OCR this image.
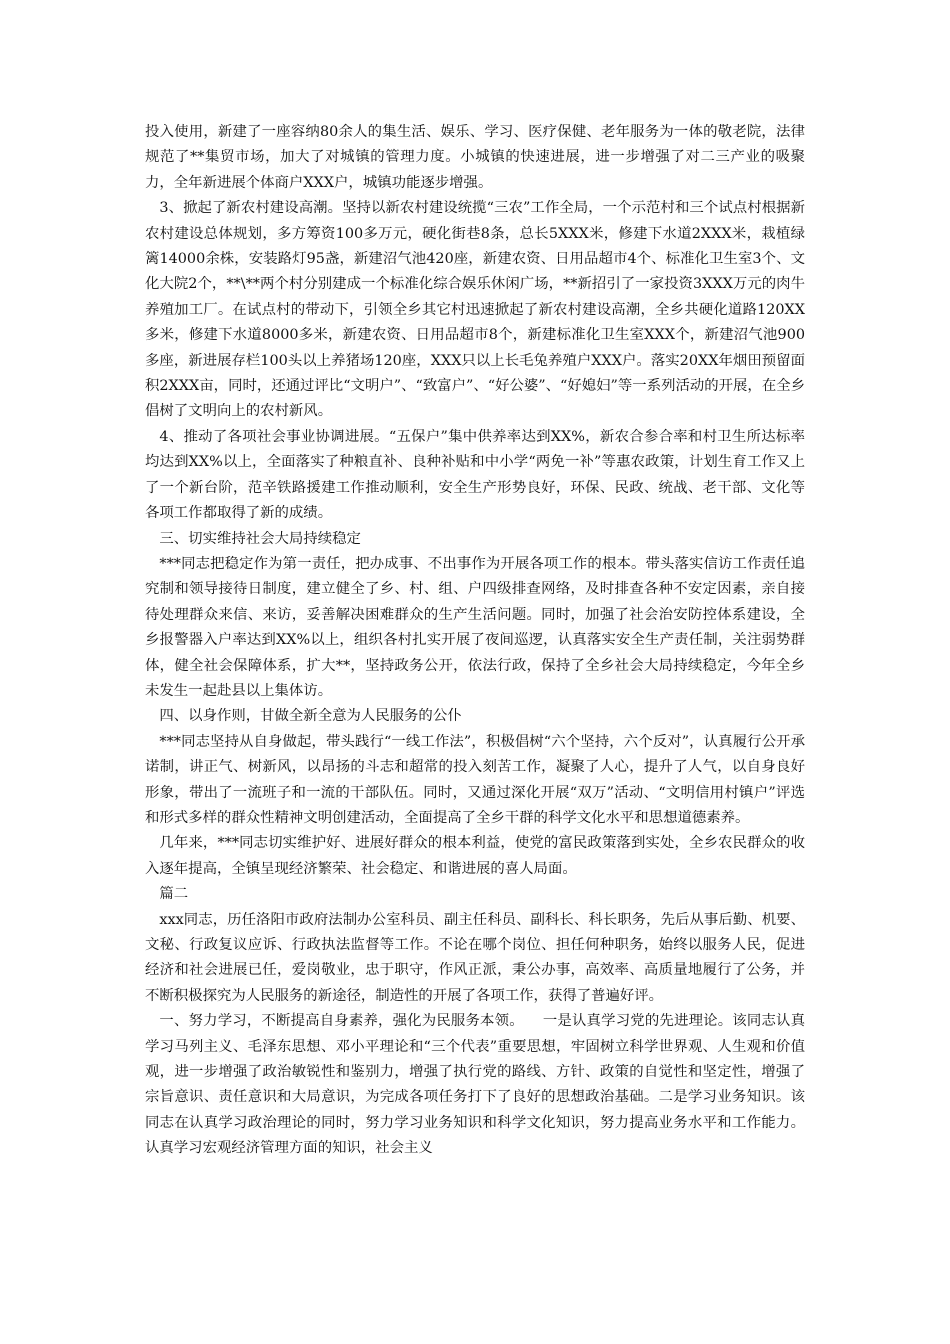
投入使用，新建了一座容纳80余人的集生活、娱乐、学习、医疗保健、老年服务为一体的敬老院，法律规范了**集贸市场，加大了对城镇的管理力度。小城镇的快速进展，进一步增强了对二三产业的吸聚力，全年新进展个体商户XXX户，城镇功能逐步增强。

3、掀起了新农村建设高潮。坚持以新农村建设统揽“三农”工作全局，一个示范村和三个试点村根据新农村建设总体规划，多方筹资100多万元，硬化街巷8条，总长5XXX米，修建下水道2XXX米，栽植绿篱14000余株，安装路灯95盏，新建沼气池420座，新建农资、日用品超市4个、标准化卫生室3个、文化大院2个，**\**两个村分别建成一个标准化综合娱乐休闲广场，**新招引了一家投资3XXX万元的肉牛养殖加工厂。在试点村的带动下，引领全乡其它村迅速掀起了新农村建设高潮，全乡共硬化道路120XX多米，修建下水道8000多米，新建农资、日用品超市8个，新建标准化卫生室XXX个，新建沼气池900多座，新进展存栏100头以上养猪场120座，XXX只以上长毛兔养殖户XXX户。落实20XX年烟田预留面积2XXX亩，同时，还通过评比“文明户”、“致富户”、“好公婆”、“好媳妇”等一系列活动的开展，在全乡倡树了文明向上的农村新风。

4、推动了各项社会事业协调进展。“五保户”集中供养率达到XX%，新农合参合率和村卫生所达标率均达到XX%以上，全面落实了种粮直补、良种补贴和中小学“两免一补”等惠农政策，计划生育工作又上了一个新台阶，范辛铁路援建工作推动顺利，安全生产形势良好，环保、民政、统战、老干部、文化等各项工作都取得了新的成绩。

三、切实维持社会大局持续稳定

***同志把稳定作为第一责任，把办成事、不出事作为开展各项工作的根本。带头落实信访工作责任追究制和领导接待日制度，建立健全了乡、村、组、户四级排查网络，及时排查各种不安定因素，亲自接待处理群众来信、来访，妥善解决困难群众的生产生活问题。同时，加强了社会治安防控体系建设，全乡报警器入户率达到XX%以上，组织各村扎实开展了夜间巡逻，认真落实安全生产责任制，关注弱势群体，健全社会保障体系，扩大**，坚持政务公开，依法行政，保持了全乡社会大局持续稳定，今年全乡未发生一起赴县以上集体访。

四、以身作则，甘做全新全意为人民服务的公仆

***同志坚持从自身做起，带头践行“一线工作法”，积极倡树“六个坚持，六个反对”，认真履行公开承诺制，讲正气、树新风，以昂扬的斗志和超常的投入刻苦工作，凝聚了人心，提升了人气，以自身良好形象，带出了一流班子和一流的干部队伍。同时，又通过深化开展“双万”活动、“文明信用村镇户”评选和形式多样的群众性精神文明创建活动，全面提高了全乡干群的科学文化水平和思想道德素养。

几年来，***同志切实维护好、进展好群众的根本利益，使党的富民政策落到实处，全乡农民群众的收入逐年提高，全镇呈现经济繁荣、社会稳定、和谐进展的喜人局面。

篇二

xxx同志，历任洛阳市政府法制办公室科员、副主任科员、副科长、科长职务，先后从事后勤、机要、文秘、行政复议应诉、行政执法监督等工作。不论在哪个岗位、担任何种职务，始终以服务人民，促进经济和社会进展已任，爱岗敬业，忠于职守，作风正派，秉公办事，高效率、高质量地履行了公务，并不断积极探究为人民服务的新途径，制造性的开展了各项工作，获得了普遍好评。

一、努力学习，不断提高自身素养，强化为民服务本领。    一是认真学习党的先进理论。该同志认真学习马列主义、毛泽东思想、邓小平理论和“三个代表”重要思想，牢固树立科学世界观、人生观和价值观，进一步增强了政治敏锐性和鉴别力，增强了执行党的路线、方针、政策的自觉性和坚定性，增强了宗旨意识、责任意识和大局意识，为完成各项任务打下了良好的思想政治基础。二是学习业务知识。该同志在认真学习政治理论的同时，努力学习业务知识和科学文化知识，努力提高业务水平和工作能力。认真学习宏观经济管理方面的知识，社会主义
